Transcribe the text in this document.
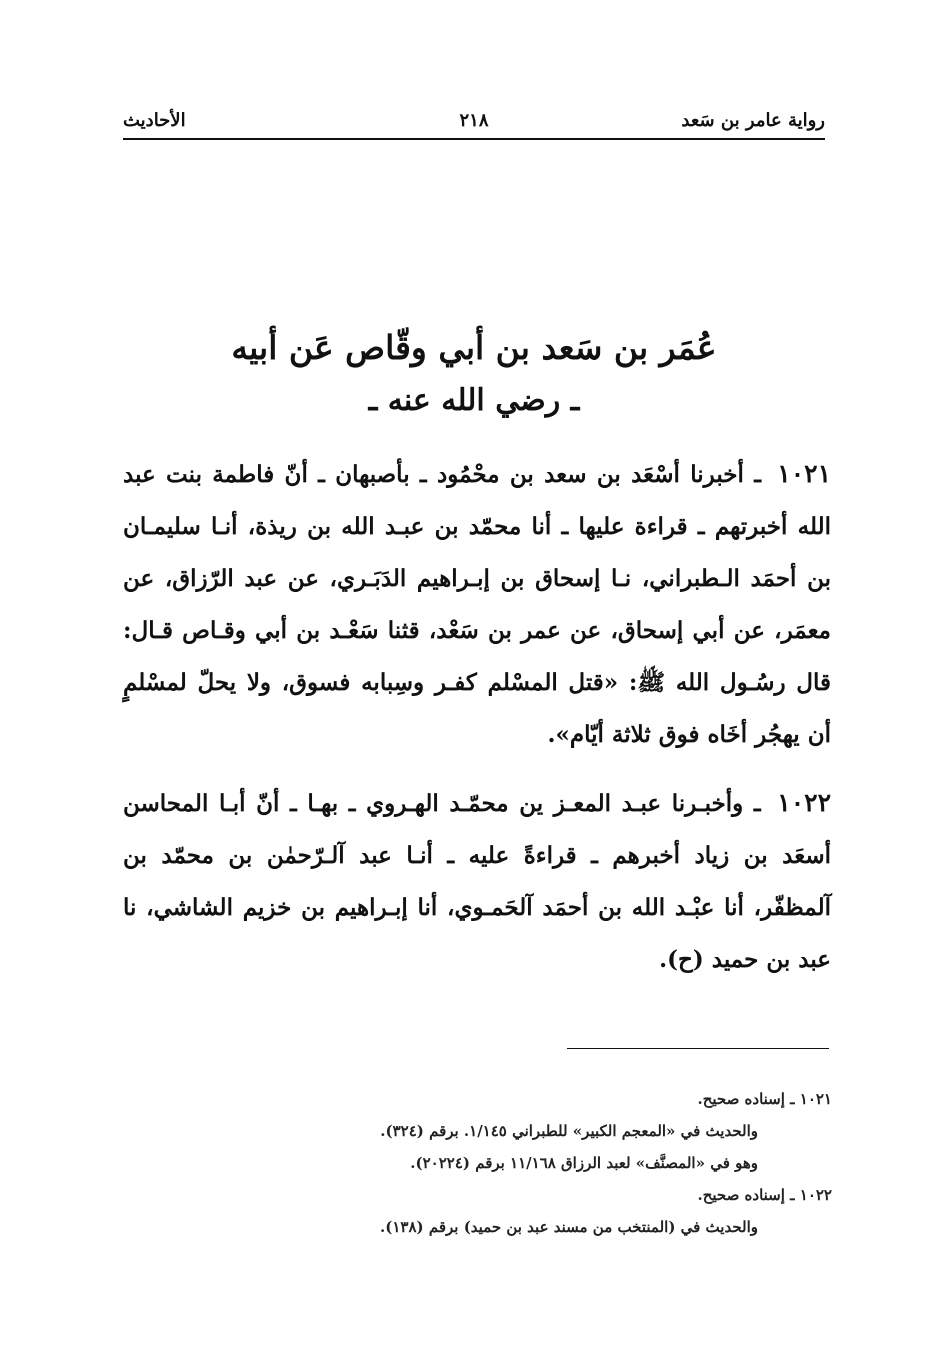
رواية عامر بن سَعد
٢١٨
الأحاديث
عُمَر بن سَعد بن أبي وقّاص عَن أبيه
ـ رضي الله عنه ـ

١٠٢١ ـ أخبرنا أسْعَد بن سعد بن محْمُود ـ بأصبهان ـ أنّ فاطمة بنت عبد الله أخبرتهم ـ قراءة عليها ـ أنا محمّد بن عبـد الله بن ريذة، أنـا سليمـان بن أحمَد الـطبراني، نـا إسحاق بن إبـراهيم الدَبَـري، عن عبد الرّزاق، عن معمَر، عن أبي إسحاق، عن عمر بن سَعْد، قثنا سَعْـد بن أبي وقـاص قـال: قال رسُـول الله ﷺ: «قتل المسْلم كفـر وسِبابه فسوق، ولا يحلّ لمسْلمٍ أن يهجُر أخَاه فوق ثلاثة أيّام».

١٠٢٢ ـ وأخبـرنا عبـد المعـز ين محمّـد الهـروي ـ بهـا ـ أنّ أبـا المحاسن أسعَد بن زياد أخبرهم ـ قراءةً عليه ـ أنـا عبد آلـرّحمٰن بن محمّد بن آلمظفّر، أنا عبْـد الله بن أحمَد آلحَمـوي، أنا إبـراهيم بن خزيم الشاشي، نا عبد بن حميد (ح).

١٠٢١ ـ إسناده صحيح.
والحديث في «المعجم الكبير» للطبراني ١/١٤٥. برقم (٣٢٤).
وهو في «المصنَّف» لعبد الرزاق ١١/١٦٨ برقم (٢٠٢٢٤).
١٠٢٢ ـ إسناده صحيح.
والحديث في (المنتخب من مسند عبد بن حميد) برقم (١٣٨).
